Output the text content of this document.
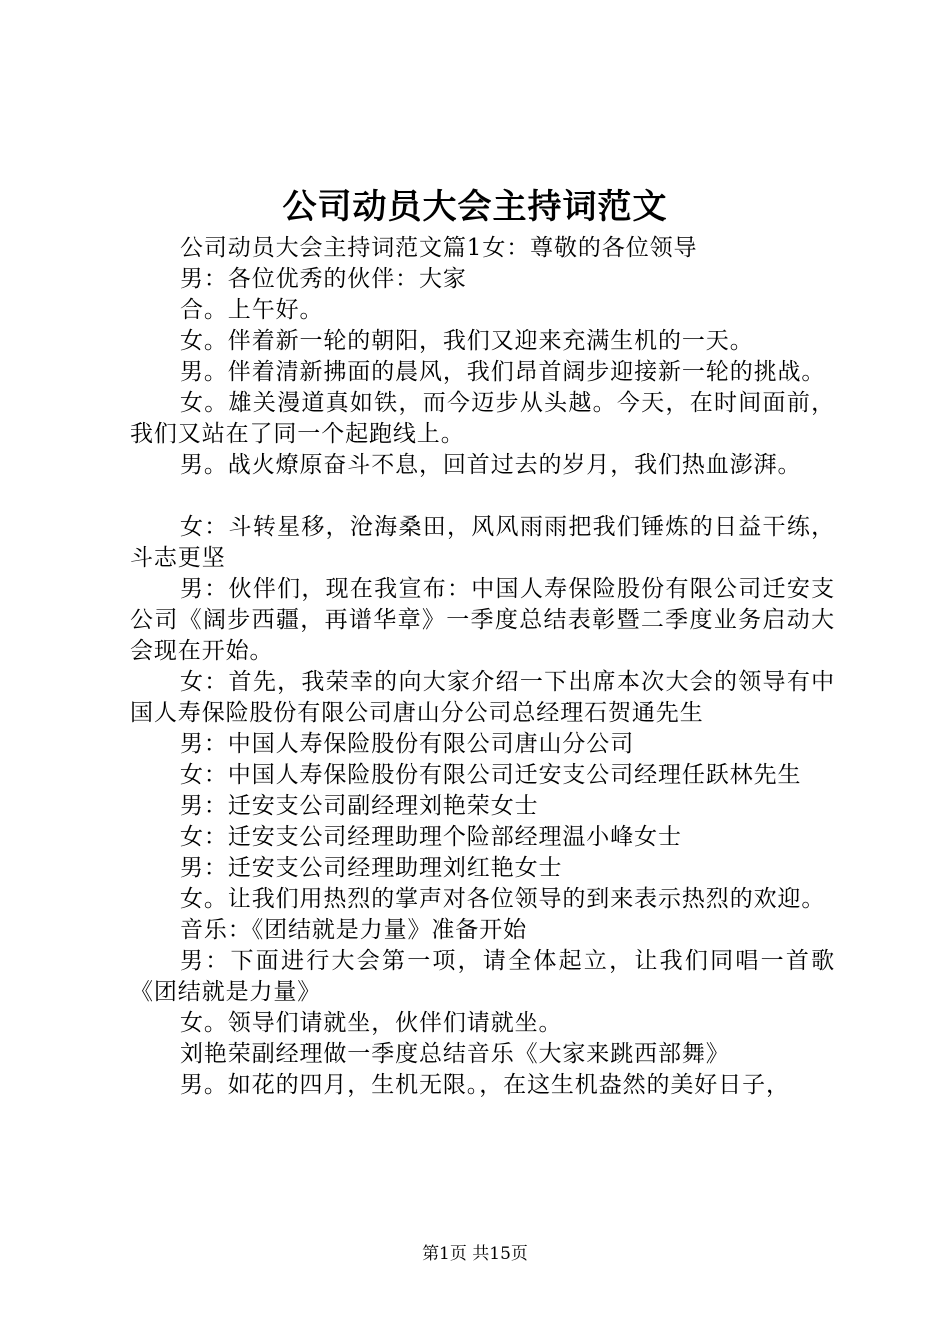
公司动员大会主持词范文

公司动员大会主持词范文篇1女：尊敬的各位领导

男：各位优秀的伙伴：大家

合。上午好。

女。伴着新一轮的朝阳，我们又迎来充满生机的一天。

男。伴着清新拂面的晨风，我们昂首阔步迎接新一轮的挑战。

女。雄关漫道真如铁，而今迈步从头越。今天，在时间面前，我们又站在了同一个起跑线上。

男。战火燎原奋斗不息，回首过去的岁月，我们热血澎湃。

女：斗转星移，沧海桑田，风风雨雨把我们锤炼的日益干练，斗志更坚

男：伙伴们，现在我宣布：中国人寿保险股份有限公司迁安支公司《阔步西疆，再谱华章》一季度总结表彰暨二季度业务启动大会现在开始。

女：首先，我荣幸的向大家介绍一下出席本次大会的领导有中国人寿保险股份有限公司唐山分公司总经理石贺通先生

男：中国人寿保险股份有限公司唐山分公司

女：中国人寿保险股份有限公司迁安支公司经理任跃林先生

男：迁安支公司副经理刘艳荣女士

女：迁安支公司经理助理个险部经理温小峰女士

男：迁安支公司经理助理刘红艳女士

女。让我们用热烈的掌声对各位领导的到来表示热烈的欢迎。

音乐：《团结就是力量》准备开始

男：下面进行大会第一项，请全体起立，让我们同唱一首歌《团结就是力量》

女。领导们请就坐，伙伴们请就坐。

刘艳荣副经理做一季度总结音乐《大家来跳西部舞》

男。如花的四月，生机无限。，在这生机盎然的美好日子，

第1页 共15页
